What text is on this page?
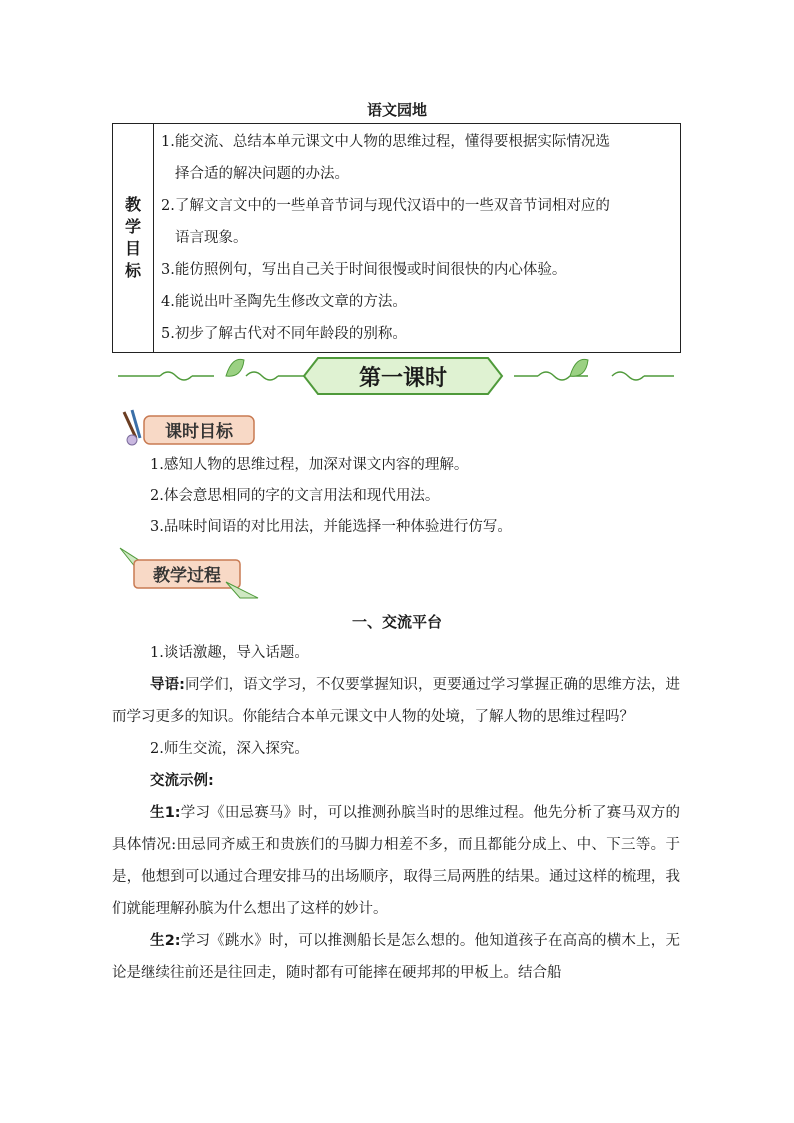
语文园地
教
学
目
标

1.能交流、总结本单元课文中人物的思维过程，懂得要根据实际情况选
择合适的解决问题的办法。
2.了解文言文中的一些单音节词与现代汉语中的一些双音节词相对应的
语言现象。
3.能仿照例句，写出自己关于时间很慢或时间很快的内心体验。
4.能说出叶圣陶先生修改文章的方法。
5.初步了解古代对不同年龄段的别称。
第一课时
课时目标
1.感知人物的思维过程，加深对课文内容的理解。
2.体会意思相同的字的文言用法和现代用法。
3.品味时间语的对比用法，并能选择一种体验进行仿写。
教学过程
一、交流平台
1.谈话激趣，导入话题。

导语:同学们，语文学习，不仅要掌握知识，更要通过学习掌握正确的思维方法，进而学习更多的知识。你能结合本单元课文中人物的处境，了解人物的思维过程吗？

2.师生交流，深入探究。
交流示例:

生1:学习《田忌赛马》时，可以推测孙膑当时的思维过程。他先分析了赛马双方的具体情况:田忌同齐威王和贵族们的马脚力相差不多，而且都能分成上、中、下三等。于是，他想到可以通过合理安排马的出场顺序，取得三局两胜的结果。通过这样的梳理，我们就能理解孙膑为什么想出了这样的妙计。

生2:学习《跳水》时，可以推测船长是怎么想的。他知道孩子在高高的横木上，无论是继续往前还是往回走，随时都有可能摔在硬邦邦的甲板上。结合船
